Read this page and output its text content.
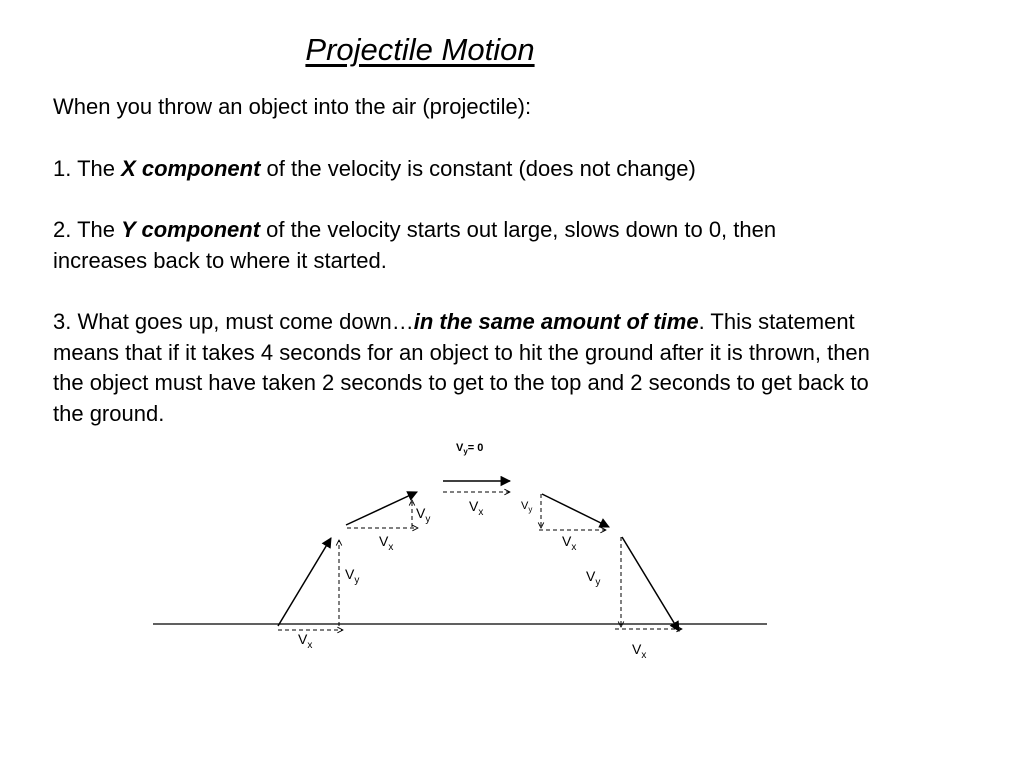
Projectile Motion

When you throw an object into the air (projectile):

1. The X component of the velocity is constant (does not change)

2. The Y component of the velocity starts out large, slows down to 0, then increases back to where it started.

3. What goes up, must come down…in the same amount of time. This statement means that if it takes 4 seconds for an object to hit the ground after it is thrown, then the object must have taken 2 seconds to get to the top and 2 seconds to get back to the ground.

$V_x$
$V_y$
$V_x$
$V_y$
$V_x$
$V_y= 0$
$V_y$
$V_x$
$V_y$
$V_x$
